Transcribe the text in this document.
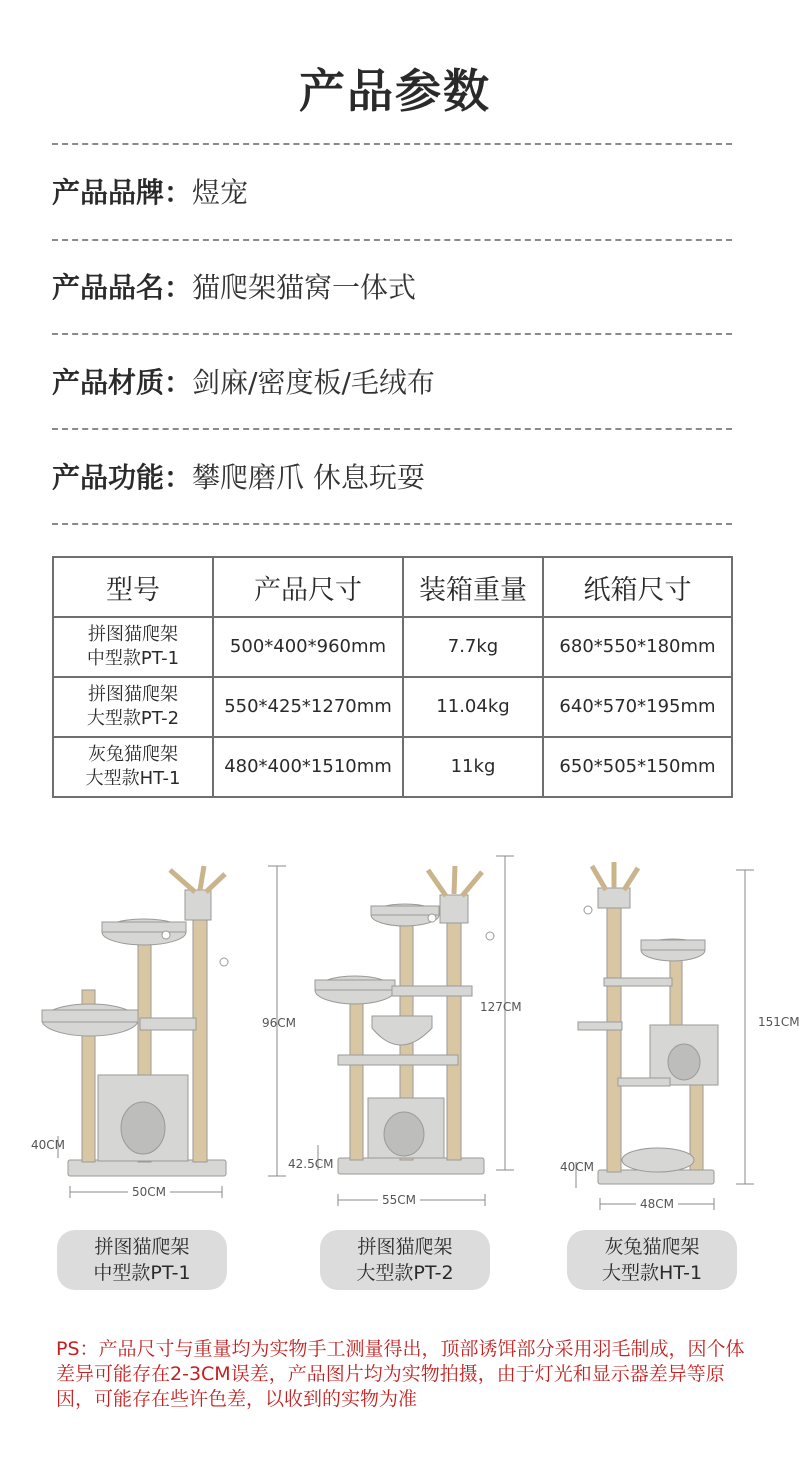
产品参数
产品品牌：煜宠
产品品名：猫爬架猫窝一体式
产品材质：剑麻/密度板/毛绒布
产品功能：攀爬磨爪 休息玩耍
型号	产品尺寸	装箱重量	纸箱尺寸
拼图猫爬架
中型款PT-1	500*400*960mm	7.7kg	680*550*180mm
拼图猫爬架
大型款PT-2	550*425*1270mm	11.04kg	640*570*195mm
灰兔猫爬架
大型款HT-1	480*400*1510mm	11kg	650*505*150mm
96CM
50CM
40CM
127CM
55CM
42.5CM
151CM
48CM
40CM
拼图猫爬架
中型款PT-1
拼图猫爬架
大型款PT-2
灰兔猫爬架
大型款HT-1
PS：产品尺寸与重量均为实物手工测量得出，顶部诱饵部分采用羽毛制成，因个体差异可能存在2-3CM误差，产品图片均为实物拍摄，由于灯光和显示器差异等原因，可能存在些许色差，以收到的实物为准
